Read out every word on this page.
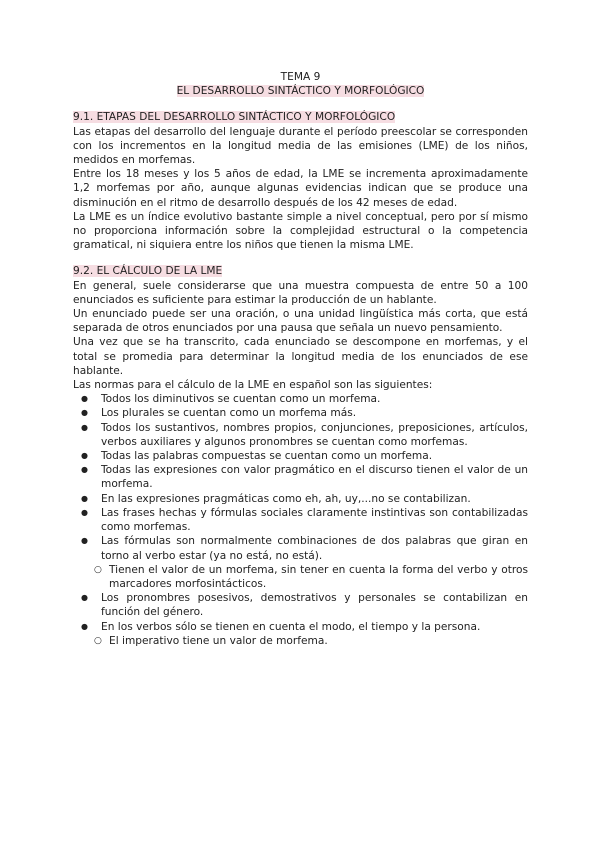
TEMA 9
EL DESARROLLO SINTÁCTICO Y MORFOLÓGICO
9.1. ETAPAS DEL DESARROLLO SINTÁCTICO Y MORFOLÓGICO

Las etapas del desarrollo del lenguaje durante el período preescolar se corresponden con los incrementos en la longitud media de las emisiones (LME) de los niños, medidos en morfemas.

Entre los 18 meses y los 5 años de edad, la LME se incrementa aproximadamente 1,2 morfemas por año, aunque algunas evidencias indican que se produce una disminución en el ritmo de desarrollo después de los 42 meses de edad.

La LME es un índice evolutivo bastante simple a nivel conceptual, pero por sí mismo no proporciona información sobre la complejidad estructural o la competencia gramatical, ni siquiera entre los niños que tienen la misma LME.

9.2. EL CÁLCULO DE LA LME

En general, suele considerarse que una muestra compuesta de entre 50 a 100 enunciados es suficiente para estimar la producción de un hablante.

Un enunciado puede ser una oración, o una unidad lingüística más corta, que está separada de otros enunciados por una pausa que señala un nuevo pensamiento.

Una vez que se ha transcrito, cada enunciado se descompone en morfemas, y el total se promedia para determinar la longitud media de los enunciados de ese hablante.

Las normas para el cálculo de la LME en español son las siguientes:

● Todos los diminutivos se cuentan como un morfema.
● Los plurales se cuentan como un morfema más.
● Todos los sustantivos, nombres propios, conjunciones, preposiciones, artículos, verbos auxiliares y algunos pronombres se cuentan como morfemas.
● Todas las palabras compuestas se cuentan como un morfema.
● Todas las expresiones con valor pragmático en el discurso tienen el valor de un morfema.
● En las expresiones pragmáticas como eh, ah, uy,...no se contabilizan.
● Las frases hechas y fórmulas sociales claramente instintivas son contabilizadas como morfemas.
● Las fórmulas son normalmente combinaciones de dos palabras que giran en torno al verbo estar (ya no está, no está).
○ Tienen el valor de un morfema, sin tener en cuenta la forma del verbo y otros marcadores morfosintácticos.
● Los pronombres posesivos, demostrativos y personales se contabilizan en función del género.
● En los verbos sólo se tienen en cuenta el modo, el tiempo y la persona.
○ El imperativo tiene un valor de morfema.
